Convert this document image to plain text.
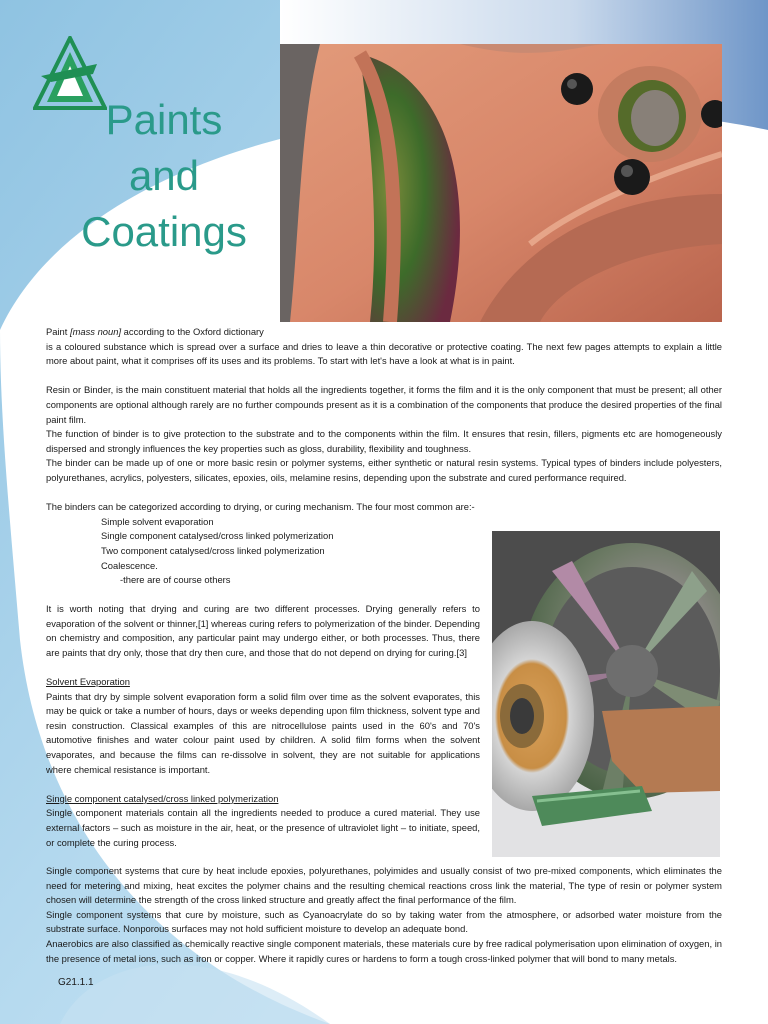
Paints
and
Coatings

Paint [mass noun] according to the Oxford dictionary

is a coloured substance which is spread over a surface and dries to leave a thin decorative or protective coating. The next few pages attempts to explain a little more about paint, what it comprises off its uses and its problems. To start with let's have a look at what is in paint.

Resin or Binder, is the main constituent material that holds all the ingredients together, it forms the film and it is the only component that must be present; all other components are optional although rarely are no further compounds present as it is a combination of the components that produce the desired properties of the final paint film.

The function of binder is to give protection to the substrate and to the components within the film. It ensures that resin, fillers, pigments etc are homogeneously dispersed and strongly influences the key properties such as gloss, durability, flexibility and toughness.

The binder can be made up of one or more basic resin or polymer systems, either synthetic or natural resin systems. Typical types of binders include polyesters, polyurethanes, acrylics, polyesters, silicates, epoxies, oils, melamine resins, depending upon the substrate and cured performance required.

The binders can be categorized according to drying, or curing mechanism. The four most common are:-

Simple solvent evaporation

Single component catalysed/cross linked polymerization

Two component catalysed/cross linked polymerization

Coalescence.

-there are of course others

It is worth noting that drying and curing are two different processes. Drying generally refers to evaporation of the solvent or thinner,[1] whereas curing refers to polymerization of the binder. Depending on chemistry and composition, any particular paint may undergo either, or both processes. Thus, there are paints that dry only, those that dry then cure, and those that do not depend on drying for curing.[3]

Solvent Evaporation

Paints that dry by simple solvent evaporation form a solid film over time as the solvent evaporates, this may be quick or take a number of hours, days or weeks depending upon film thickness, solvent type and resin construction. Classical examples of this are nitrocellulose paints used in the 60's and 70's automotive finishes and water colour paint used by children. A solid film forms when the solvent evaporates, and because the films can re-dissolve in solvent, they are not suitable for applications where chemical resistance is important.

Single component catalysed/cross linked polymerization

Single component materials contain all the ingredients needed to produce a cured material. They use external factors – such as moisture in the air, heat, or the presence of ultraviolet light – to initiate, speed, or complete the curing process.

Single component systems that cure by heat include epoxies, polyurethanes, polyimides and usually consist of two pre-mixed components, which eliminates the need for metering and mixing, heat excites the polymer chains and the resulting chemical reactions cross link the material, The type of resin or polymer system chosen will determine the strength of the cross linked structure and greatly affect the final performance of the film.

Single component systems that cure by moisture, such as Cyanoacrylate do so by taking water from the atmosphere, or adsorbed water moisture from the substrate surface. Nonporous surfaces may not hold sufficient moisture to develop an adequate bond.

Anaerobics are also classified as chemically reactive single component materials, these materials cure by free radical polymerisation upon elimination of oxygen, in the presence of metal ions, such as iron or copper. Where it rapidly cures or hardens to form a tough cross-linked polymer that will bond to many metals.

G21.1.1
